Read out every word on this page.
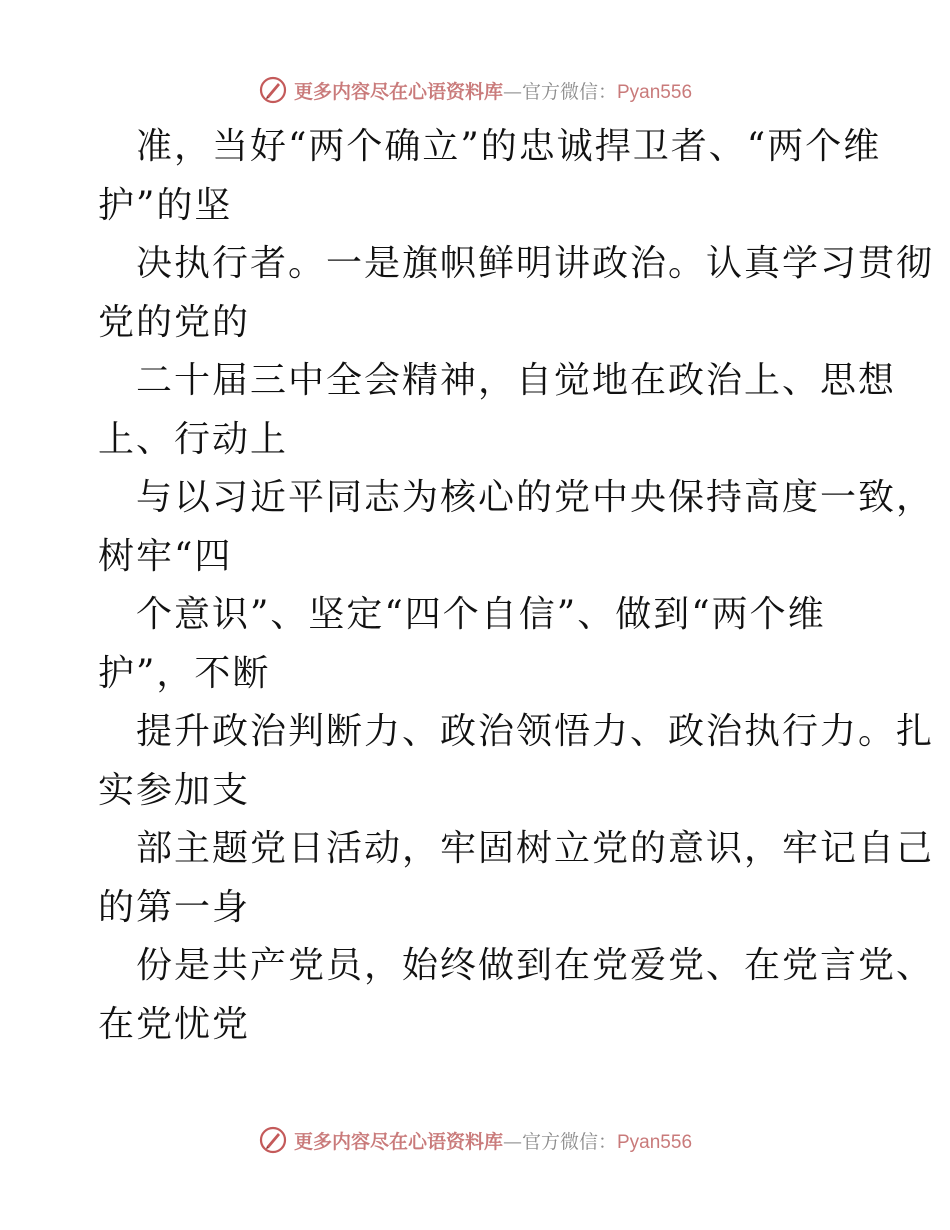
更多内容尽在心语资料库—官方微信：Pyan556
准，当好“两个确立”的忠诚捍卫者、“两个维
护”的坚
决执行者。一是旗帜鲜明讲政治。认真学习贯彻
党的党的
二十届三中全会精神，自觉地在政治上、思想
上、行动上
与以习近平同志为核心的党中央保持高度一致，
树牢“四
个意识”、坚定“四个自信”、做到“两个维
护”，不断
提升政治判断力、政治领悟力、政治执行力。扎
实参加支
部主题党日活动，牢固树立党的意识，牢记自己
的第一身
份是共产党员，始终做到在党爱党、在党言党、
在党忧党
更多内容尽在心语资料库—官方微信：Pyan556
